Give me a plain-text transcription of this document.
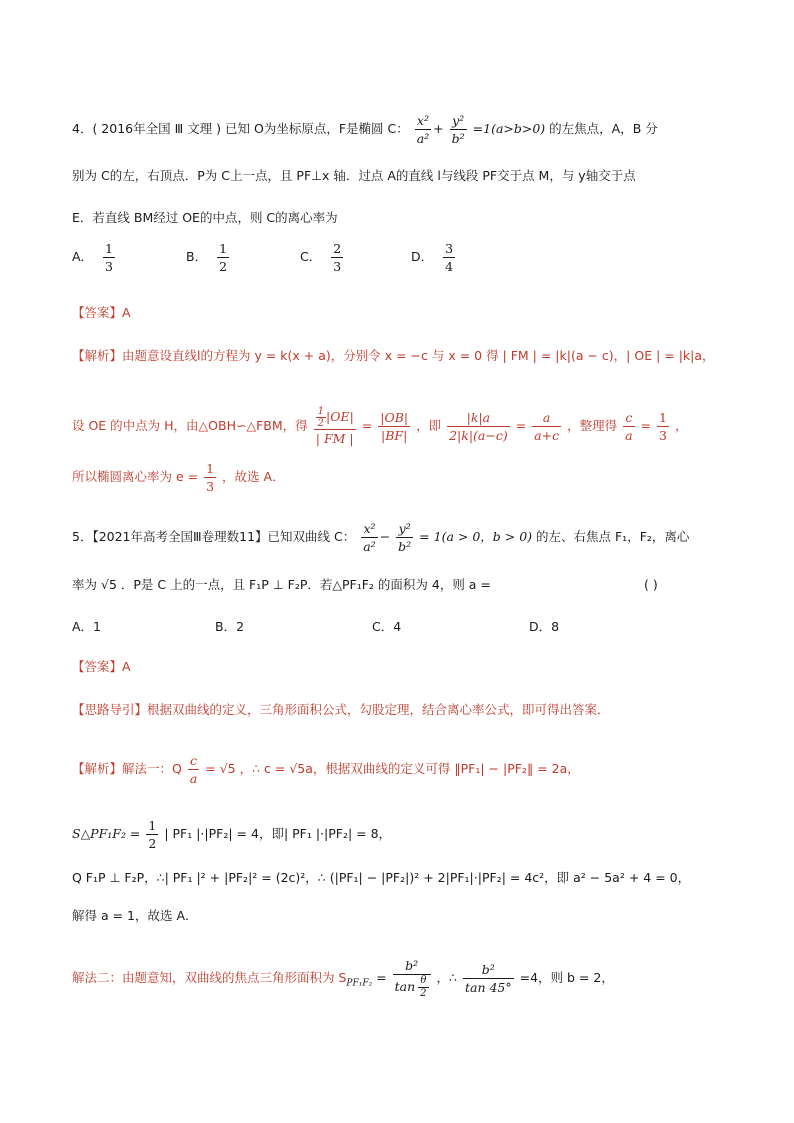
4．( 2016年全国 Ⅲ 文理 ) 已知 O为坐标原点，F是椭圆 C： $\frac{\text{x²}}{\text{a²}} + \frac{\text{y²}}{\text{b²}} =1(a>b>0)$ 的左焦点，A，B 分
别为 C的左，右顶点．P为 C上一点，且 PF⊥x 轴．过点 A的直线 l与线段 PF交于点 M，与 y轴交于点
E．若直线 BM经过 OE的中点，则 C的离心率为
A． $\frac{1}{3}$	B． $\frac{1}{2}$	C． $\frac{2}{3}$	D． $\frac{3}{4}$
【答案】A
【解析】由题意设直线l的方程为 y = k(x + a)，分别令 x = −c 与 x = 0 得 | FM | = |k|(a − c)，| OE | = |k|a，
设 OE 的中点为 H，由△OBH∽△FBM，得 $\frac{\frac{1}{2} |OE|}{| FM |} = \frac{|OB|}{|BF|}$ ，即 $\frac{|k|a}{2|k|(a-c)} = \frac{a}{a+c}$ ，整理得 $\frac{c}{a} = \frac{1}{3}$ ，
所以椭圆离心率为 $e = \frac{1}{3}$ ，故选 A．
5．【2021年高考全国Ⅲ卷理数11】已知双曲线 C： $\frac{\text{x²}}{\text{a²}} - \frac{\text{y²}}{\text{b²}} = 1(a > 0$，b > 0) 的左、右焦点 F₁，F₂，离心
率为 √5 ．P是 C 上的一点，且 F₁P ⊥ F₂P．若△PF₁F₂ 的面积为 4，则 a =	( )
A．1	B．2	C．4	D．8
【答案】A
【思路导引】根据双曲线的定义，三角形面积公式，勾股定理，结合离心率公式，即可得出答案．
【解析】解法一：Q $\frac{c}{a} = √5$ ，∴ c = √5a，根据双曲线的定义可得 ‖PF₁| − |PF₂‖ = 2a，
S△PF₁F₂ = $\frac{1}{2}$ | PF₁ |·|PF₂| = 4，即| PF₁ |·|PF₂| = 8，
Q F₁P ⊥ F₂P，∴| PF₁ |² + |PF₂|² = (2c)²，∴ (|PF₁| − |PF₂|)² + 2|PF₁|·|PF₂| = 4c²，即 a² − 5a² + 4 = 0，
解得 a = 1，故选 A．
解法二：由题意知，双曲线的焦点三角形面积为 $S_{PF_1F_2} = \frac{\text{b²}}{\tan \frac{\theta}{2}}$ ，∴ $\frac{\text{b²}}{\tan 45^\circ} =4$，则 b = 2，
